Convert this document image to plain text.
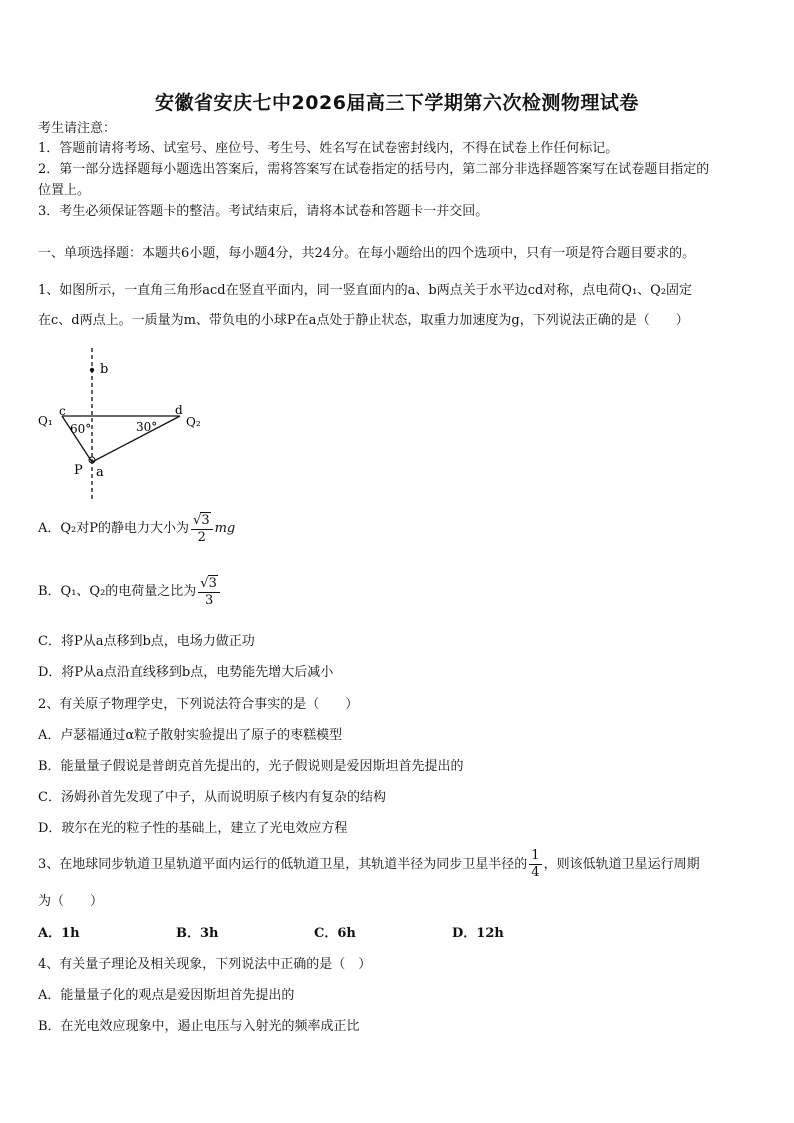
安徽省安庆七中2026届高三下学期第六次检测物理试卷
考生请注意：
1．答题前请将考场、试室号、座位号、考生号、姓名写在试卷密封线内，不得在试卷上作任何标记。
2．第一部分选择题每小题选出答案后，需将答案写在试卷指定的括号内，第二部分非选择题答案写在试卷题目指定的
位置上。
3．考生必须保证答题卡的整洁。考试结束后，请将本试卷和答题卡一并交回。
一、单项选择题：本题共6小题，每小题4分，共24分。在每小题给出的四个选项中，只有一项是符合题目要求的。
1、如图所示，一直角三角形acd在竖直平面内，同一竖直面内的a、b两点关于水平边cd对称，点电荷Q₁、Q₂固定
在c、d两点上。一质量为m、带负电的小球P在a点处于静止状态，取重力加速度为g，下列说法正确的是（　　）
b
c	d
Q₁	Q₂
60°	30°
P a
A．Q₂对P的静电力大小为 $\frac{√ 3}{2}$ mg
B．Q₁、Q₂的电荷量之比为 $\frac{√ 3}{3}$
C．将P从a点移到b点，电场力做正功
D．将P从a点沿直线移到b点，电势能先增大后减小
2、有关原子物理学史，下列说法符合事实的是（　　）
A．卢瑟福通过α粒子散射实验提出了原子的枣糕模型
B．能量量子假说是普朗克首先提出的，光子假说则是爱因斯坦首先提出的
C．汤姆孙首先发现了中子，从而说明原子核内有复杂的结构
D．玻尔在光的粒子性的基础上，建立了光电效应方程
3、在地球同步轨道卫星轨道平面内运行的低轨道卫星，其轨道半径为同步卫星半径的 $\frac{1}{4}$ ，则该低轨道卫星运行周期
为（　　）
A．1h	B．3h	C．6h	D．12h
4、有关量子理论及相关现象，下列说法中正确的是（　）
A．能量量子化的观点是爱因斯坦首先提出的
B．在光电效应现象中，遏止电压与入射光的频率成正比
